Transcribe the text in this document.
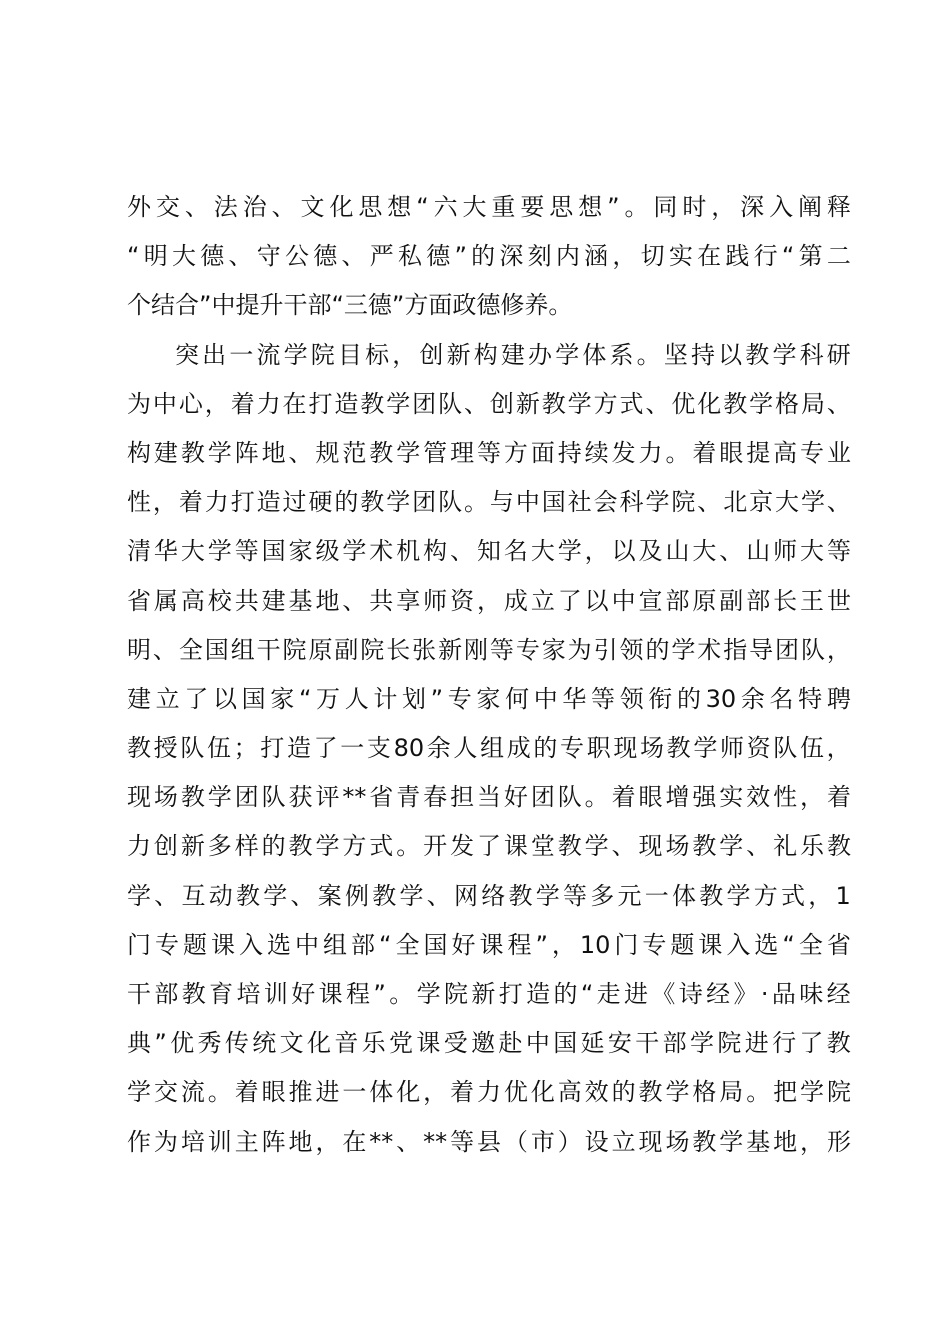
外 交 、 法 治 、 文 化 思 想 “ 六 大 重 要 思 想 ” 。 同 时 ， 深 入 阐 释
“ 明 大 德 、 守 公 德 、 严 私 德 ” 的 深 刻 内 涵 ， 切 实 在 践 行 “ 第 二
个 结 合 ” 中 提 升 干 部 “ 三 德 ” 方 面 政 德 修 养 。
突 出 一 流 学 院 目 标 ， 创 新 构 建 办 学 体 系 。 坚 持 以 教 学 科 研
为 中 心 ， 着 力 在 打 造 教 学 团 队 、 创 新 教 学 方 式 、 优 化 教 学 格 局 、
构 建 教 学 阵 地 、 规 范 教 学 管 理 等 方 面 持 续 发 力 。 着 眼 提 高 专 业
性 ， 着 力 打 造 过 硬 的 教 学 团 队 。 与 中 国 社 会 科 学 院 、 北 京 大 学 、
清 华 大 学 等 国 家 级 学 术 机 构 、 知 名 大 学 ， 以 及 山 大 、 山 师 大 等
省 属 高 校 共 建 基 地 、 共 享 师 资 ， 成 立 了 以 中 宣 部 原 副 部 长 王 世
明 、 全 国 组 干 院 原 副 院 长 张 新 刚 等 专 家 为 引 领 的 学 术 指 导 团 队 ，
建 立 了 以 国 家 “ 万 人 计 划 ” 专 家 何 中 华 等 领 衔 的 30 余 名 特 聘
教 授 队 伍 ； 打 造 了 一 支 80 余 人 组 成 的 专 职 现 场 教 学 师 资 队 伍 ，
现 场 教 学 团 队 获 评 ** 省 青 春 担 当 好 团 队 。 着 眼 增 强 实 效 性 ， 着
力 创 新 多 样 的 教 学 方 式 。 开 发 了 课 堂 教 学 、 现 场 教 学 、 礼 乐 教
学 、 互 动 教 学 、 案 例 教 学 、 网 络 教 学 等 多 元 一 体 教 学 方 式 ， 1
门 专 题 课 入 选 中 组 部 “ 全 国 好 课 程 ” ， 10 门 专 题 课 入 选 “ 全 省
干 部 教 育 培 训 好 课 程 ” 。 学 院 新 打 造 的 “ 走 进 《 诗 经 》 · 品 味 经
典 ” 优 秀 传 统 文 化 音 乐 党 课 受 邀 赴 中 国 延 安 干 部 学 院 进 行 了 教
学 交 流 。 着 眼 推 进 一 体 化 ， 着 力 优 化 高 效 的 教 学 格 局 。 把 学 院
作 为 培 训 主 阵 地 ， 在 ** 、 ** 等 县 （ 市 ） 设 立 现 场 教 学 基 地 ， 形
